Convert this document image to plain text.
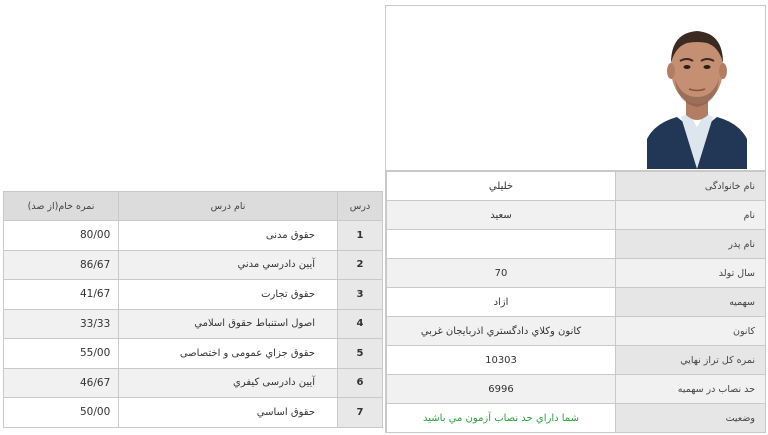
درس	نام درس	نمره خام(از صد)
1	حقوق مدنی	80/00
2	آيين دادرسي مدني	86/67
3	حقوق تجارت	41/67
4	اصول استنباط حقوق اسلامي	33/33
5	حقوق جزاي عمومی و اختصاصی	55/00
6	آيين دادرسی كيفري	46/67
7	حقوق اساسي	50/00
نام خانوادگی	خليلي
نام	سعيد
نام پدر	
سال تولد	70
سهميه	ازاد
كانون	كانون وكلاي دادگستري اذربايجان غربي
نمره كل تراز نهايي	10303
حد نصاب در سهميه	6996
وضعيت	شما داراي حد نصاب آزمون مي باشيد
